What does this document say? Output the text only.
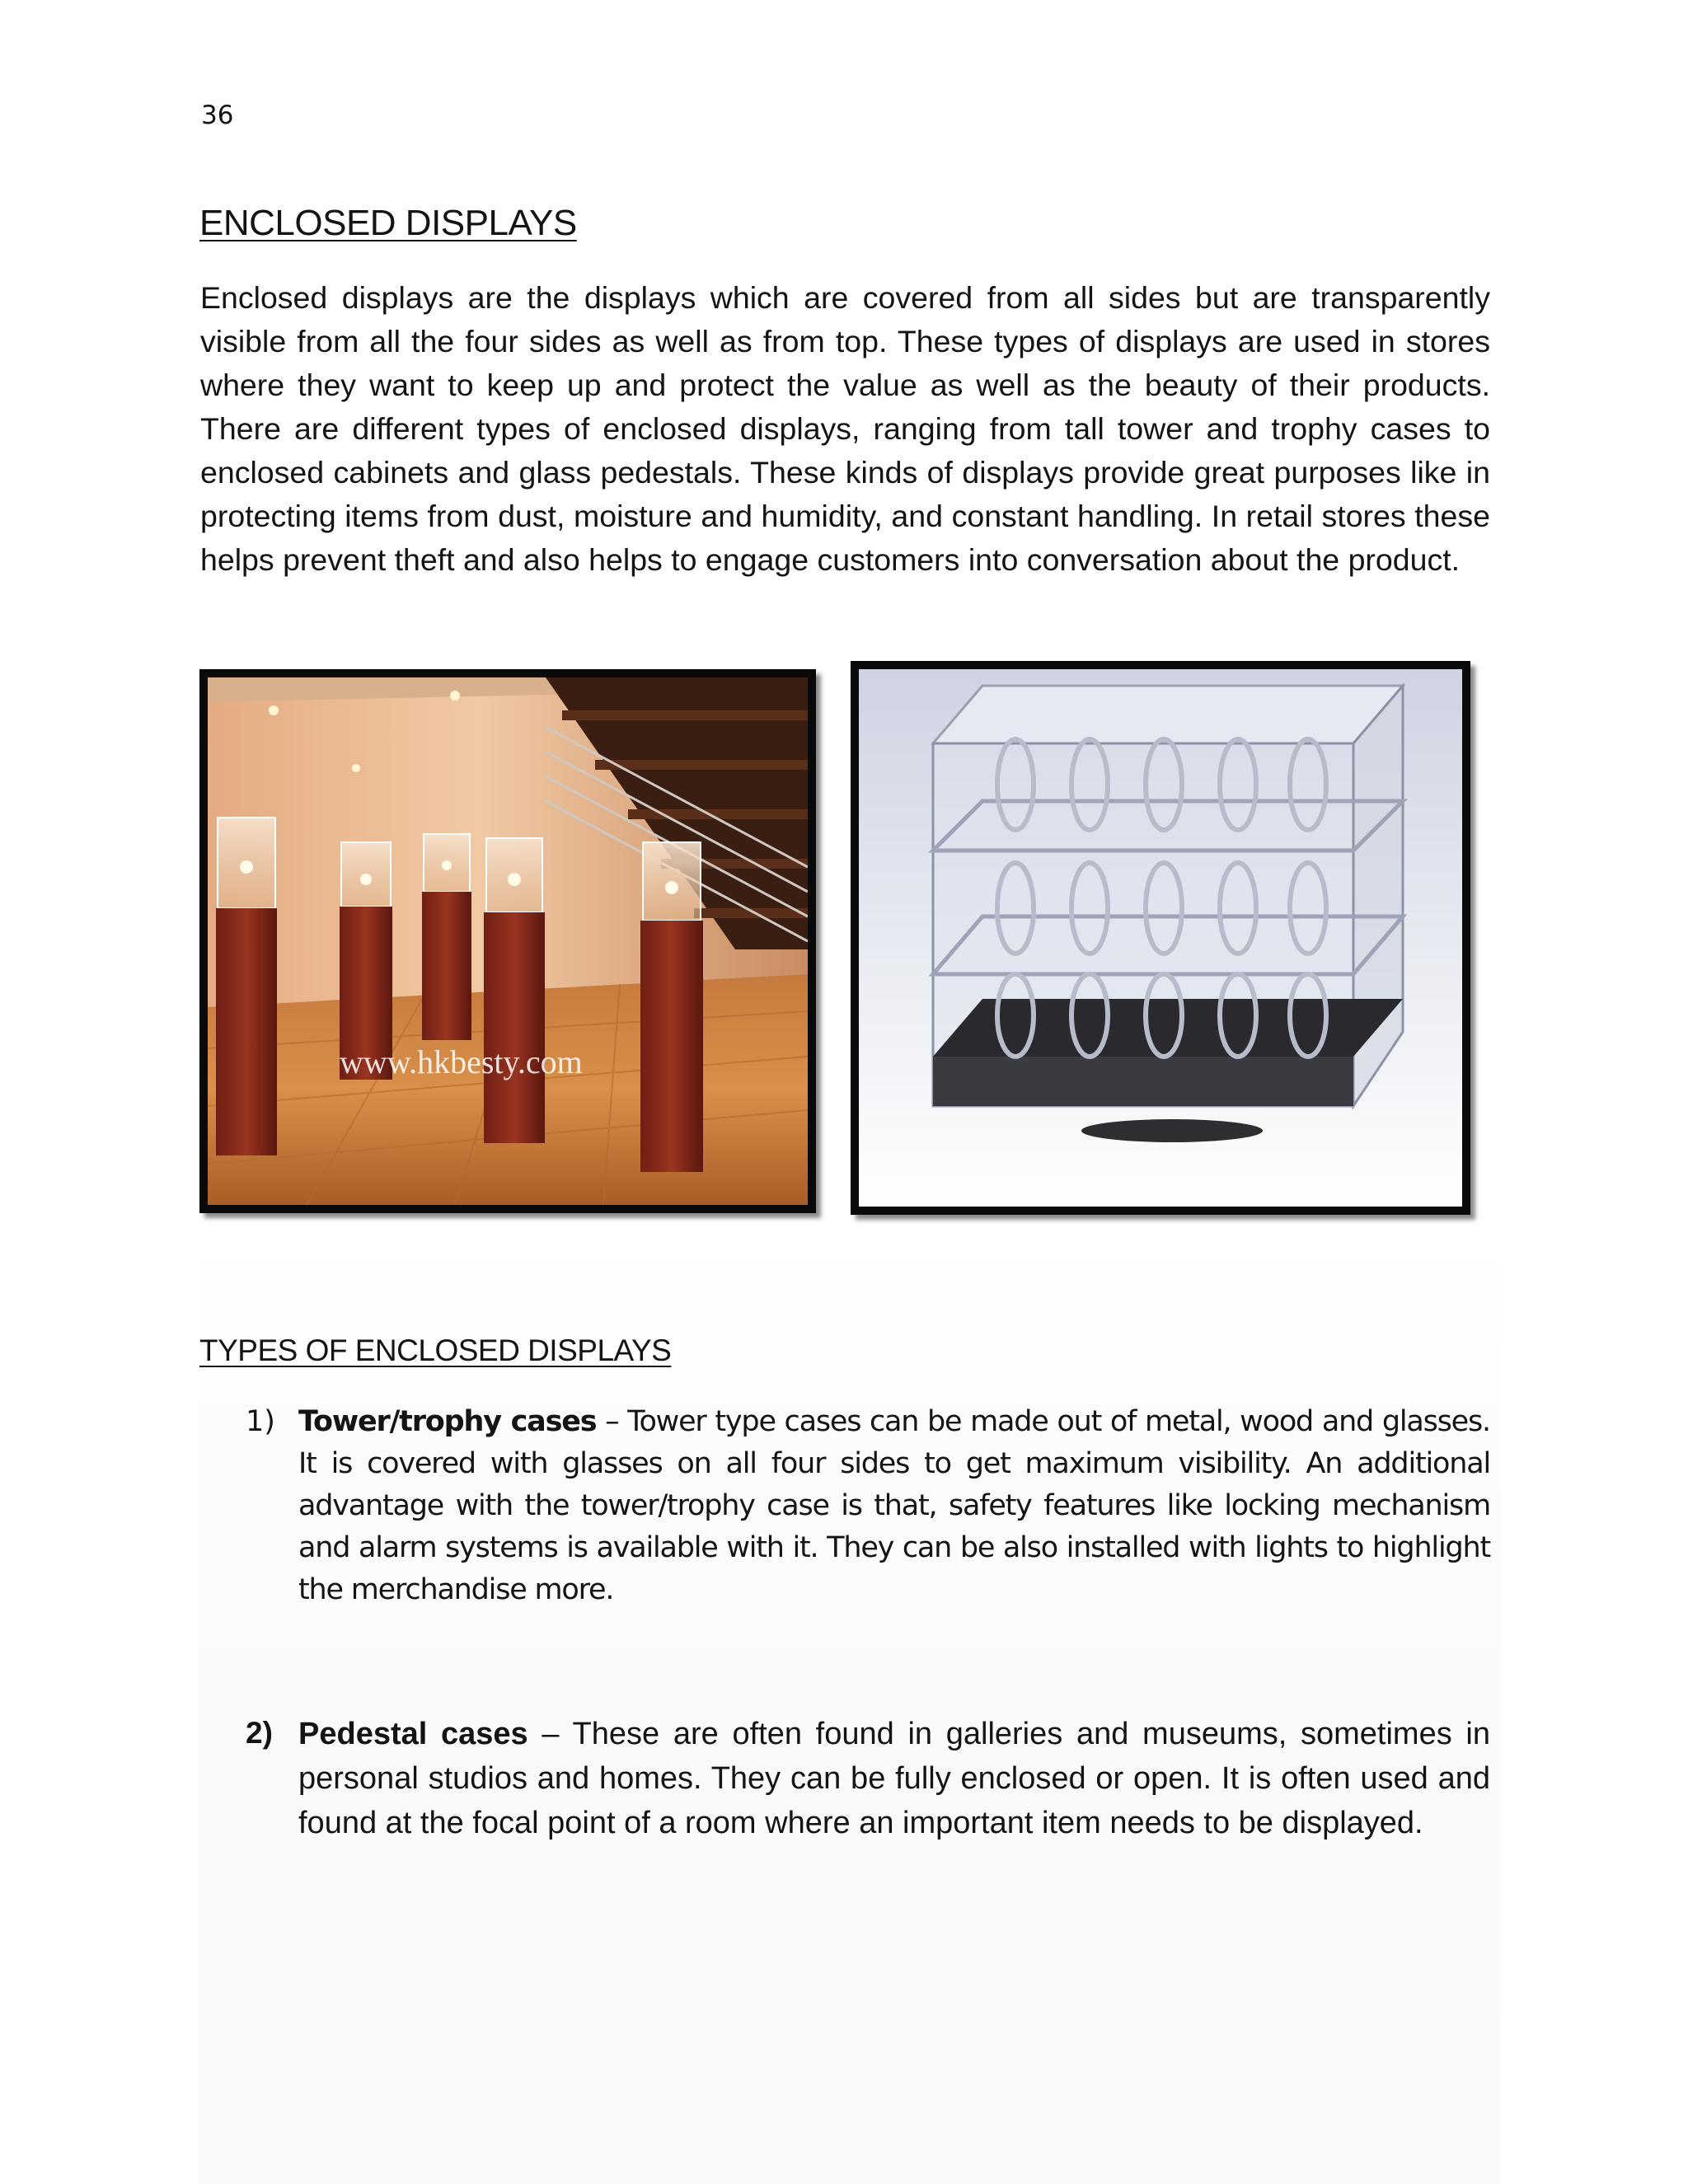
36
ENCLOSED DISPLAYS

Enclosed displays are the displays which are covered from all sides but are transparently visible from all the four sides as well as from top. These types of displays are used in stores where they want to keep up and protect the value as well as the beauty of their products. There are different types of enclosed displays, ranging from tall tower and trophy cases to enclosed cabinets and glass pedestals. These kinds of displays provide great purposes like in protecting items from dust, moisture and humidity, and constant handling. In retail stores these helps prevent theft and also helps to engage customers into conversation about the product.

www.hkbesty.com
TYPES OF ENCLOSED DISPLAYS
1) Tower/trophy cases – Tower type cases can be made out of metal, wood and glasses. It is covered with glasses on all four sides to get maximum visibility. An additional advantage with the tower/trophy case is that, safety features like locking mechanism and alarm systems is available with it. They can be also installed with lights to highlight the merchandise more.

2) Pedestal cases – These are often found in galleries and museums, sometimes in personal studios and homes. They can be fully enclosed or open. It is often used and found at the focal point of a room where an important item needs to be displayed.
